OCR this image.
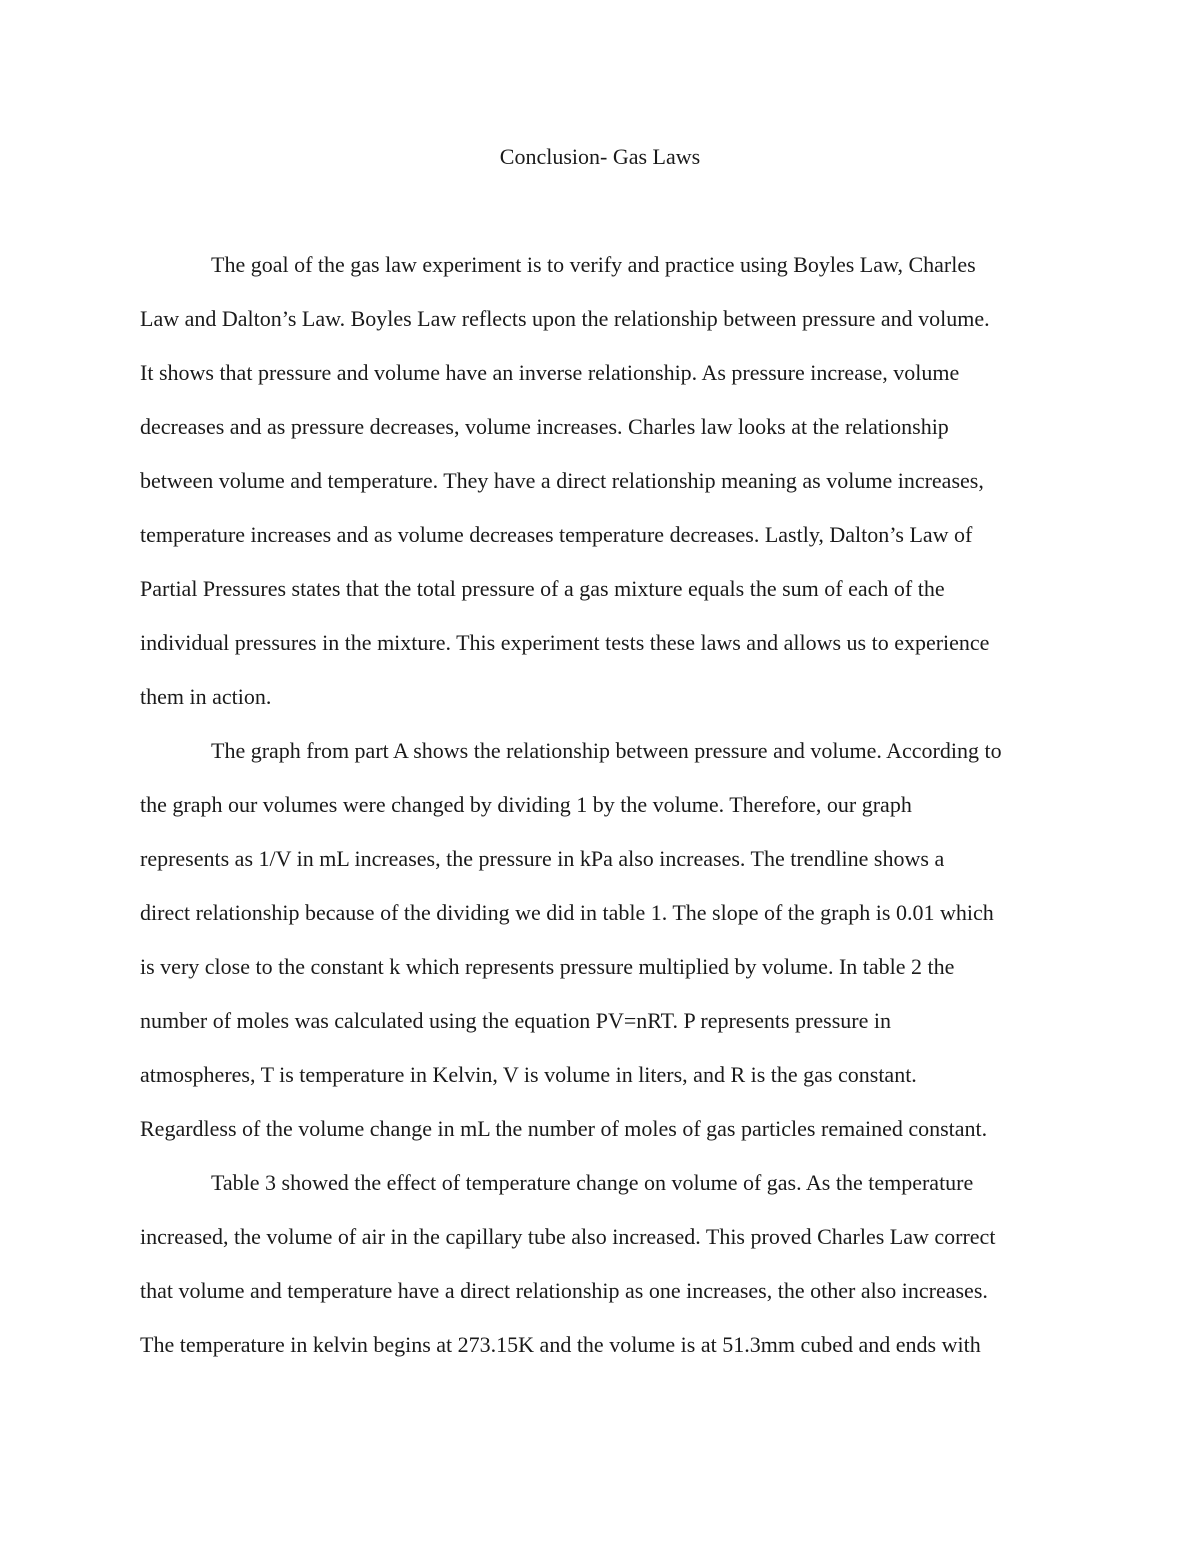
Conclusion- Gas Laws

The goal of the gas law experiment is to verify and practice using Boyles Law, Charles

Law and Dalton’s Law. Boyles Law reflects upon the relationship between pressure and volume.

It shows that pressure and volume have an inverse relationship. As pressure increase, volume

decreases and as pressure decreases, volume increases. Charles law looks at the relationship

between volume and temperature. They have a direct relationship meaning as volume increases,

temperature increases and as volume decreases temperature decreases. Lastly, Dalton’s Law of

Partial Pressures states that the total pressure of a gas mixture equals the sum of each of the

individual pressures in the mixture. This experiment tests these laws and allows us to experience

them in action.

The graph from part A shows the relationship between pressure and volume. According to

the graph our volumes were changed by dividing 1 by the volume. Therefore, our graph

represents as 1/V in mL increases, the pressure in kPa also increases. The trendline shows a

direct relationship because of the dividing we did in table 1. The slope of the graph is 0.01 which

is very close to the constant k which represents pressure multiplied by volume. In table 2 the

number of moles was calculated using the equation PV=nRT. P represents pressure in

atmospheres, T is temperature in Kelvin, V is volume in liters, and R is the gas constant.

Regardless of the volume change in mL the number of moles of gas particles remained constant.

Table 3 showed the effect of temperature change on volume of gas. As the temperature

increased, the volume of air in the capillary tube also increased. This proved Charles Law correct

that volume and temperature have a direct relationship as one increases, the other also increases.

The temperature in kelvin begins at 273.15K and the volume is at 51.3mm cubed and ends with
